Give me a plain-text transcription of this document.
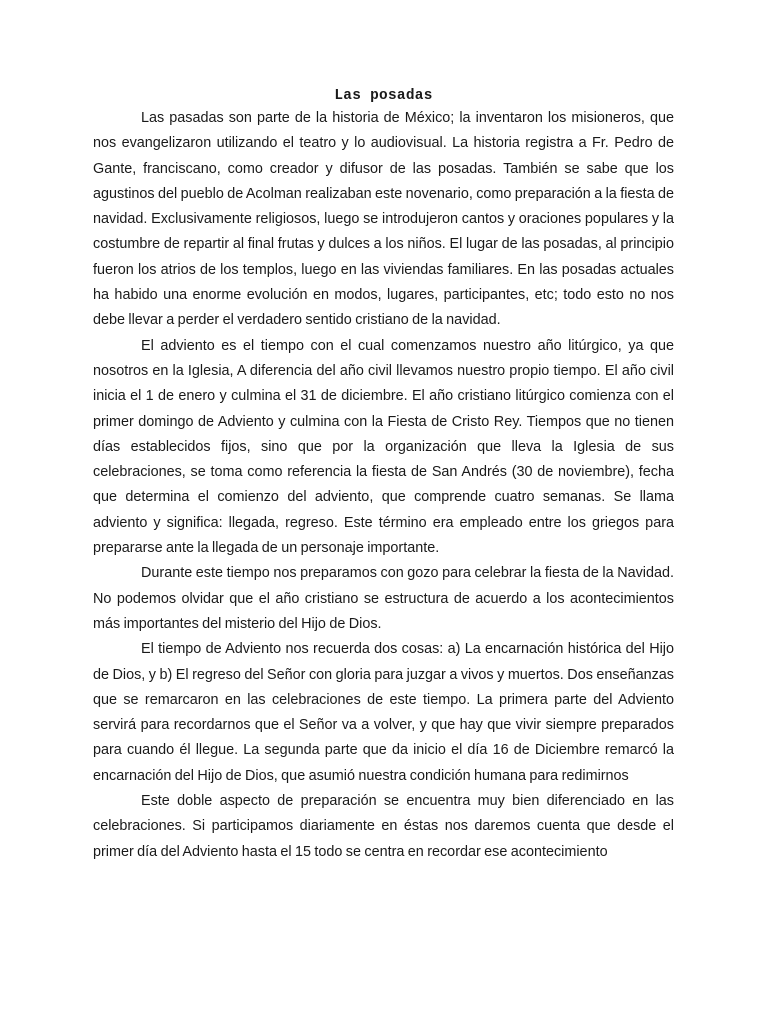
Las posadas

Las pasadas son parte de la historia de México; la inventaron los misioneros, que nos evangelizaron utilizando el teatro y lo audiovisual. La historia registra a Fr. Pedro de Gante, franciscano, como creador y difusor de las posadas. También se sabe que los agustinos del pueblo de Acolman realizaban este novenario, como preparación a la fiesta de navidad. Exclusivamente religiosos, luego se introdujeron cantos y oraciones populares y la costumbre de repartir al final frutas y dulces a los niños. El lugar de las posadas, al principio fueron los atrios de los templos, luego en las viviendas familiares. En las posadas actuales ha habido una enorme evolución en modos, lugares, participantes, etc; todo esto no nos debe llevar a perder el verdadero sentido cristiano de la navidad.

El adviento es el tiempo con el cual comenzamos nuestro año litúrgico, ya que nosotros en la Iglesia, A diferencia del año civil llevamos nuestro propio tiempo. El año civil inicia el 1 de enero y culmina el 31 de diciembre. El año cristiano litúrgico comienza con el primer domingo de Adviento y culmina con la Fiesta de Cristo Rey. Tiempos que no tienen días establecidos fijos, sino que por la organización que lleva la Iglesia de sus celebraciones, se toma como referencia la fiesta de San Andrés (30 de noviembre), fecha que determina el comienzo del adviento, que comprende cuatro semanas. Se llama adviento y significa: llegada, regreso. Este término era empleado entre los griegos para prepararse ante la llegada de un personaje importante.

Durante este tiempo nos preparamos con gozo para celebrar la fiesta de la Navidad. No podemos olvidar que el año cristiano se estructura de acuerdo a los acontecimientos más importantes del misterio del Hijo de Dios.

El tiempo de Adviento nos recuerda dos cosas: a) La encarnación histórica del Hijo de Dios, y b) El regreso del Señor con gloria para juzgar a vivos y muertos. Dos enseñanzas que se remarcaron en las celebraciones de este tiempo. La primera parte del Adviento servirá para recordarnos que el Señor va a volver, y que hay que vivir siempre preparados para cuando él llegue. La segunda parte que da inicio el día 16 de Diciembre remarcó la encarnación del Hijo de Dios, que asumió nuestra condición humana para redimirnos

Este doble aspecto de preparación se encuentra muy bien diferenciado en las celebraciones. Si participamos diariamente en éstas nos daremos cuenta que desde el primer día del Adviento hasta el 15 todo se centra en recordar ese acontecimiento
